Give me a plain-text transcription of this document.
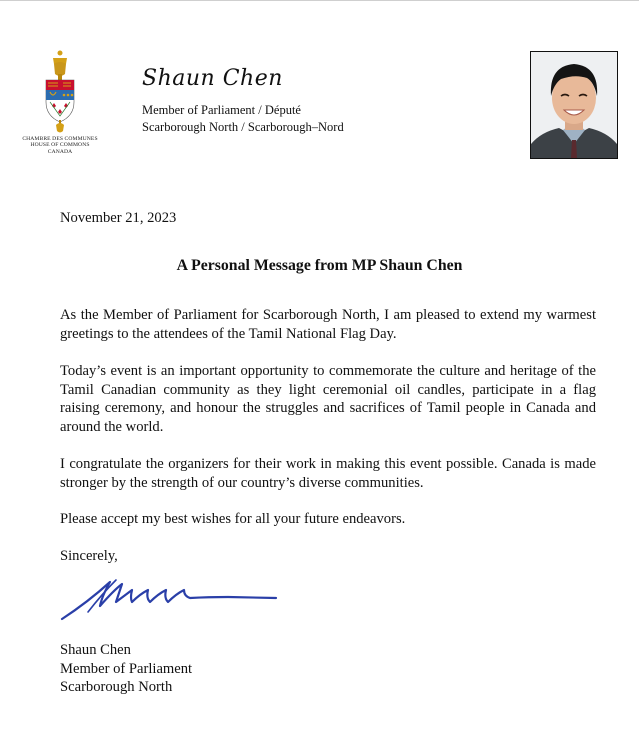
CHAMBRE DES COMMUNES
HOUSE OF COMMONS
CANADA
Shaun Chen
Member of Parliament / Député
Scarborough North / Scarborough–Nord
November 21, 2023
A Personal Message from MP Shaun Chen
As the Member of Parliament for Scarborough North, I am pleased to extend my warmest greetings to the attendees of the Tamil National Flag Day.
Today’s event is an important opportunity to commemorate the culture and heritage of the Tamil Canadian community as they light ceremonial oil candles, participate in a flag raising ceremony, and honour the struggles and sacrifices of Tamil people in Canada and around the world.
I congratulate the organizers for their work in making this event possible. Canada is made stronger by the strength of our country’s diverse communities.
Please accept my best wishes for all your future endeavors.
Sincerely,
Shaun Chen
Member of Parliament
Scarborough North
